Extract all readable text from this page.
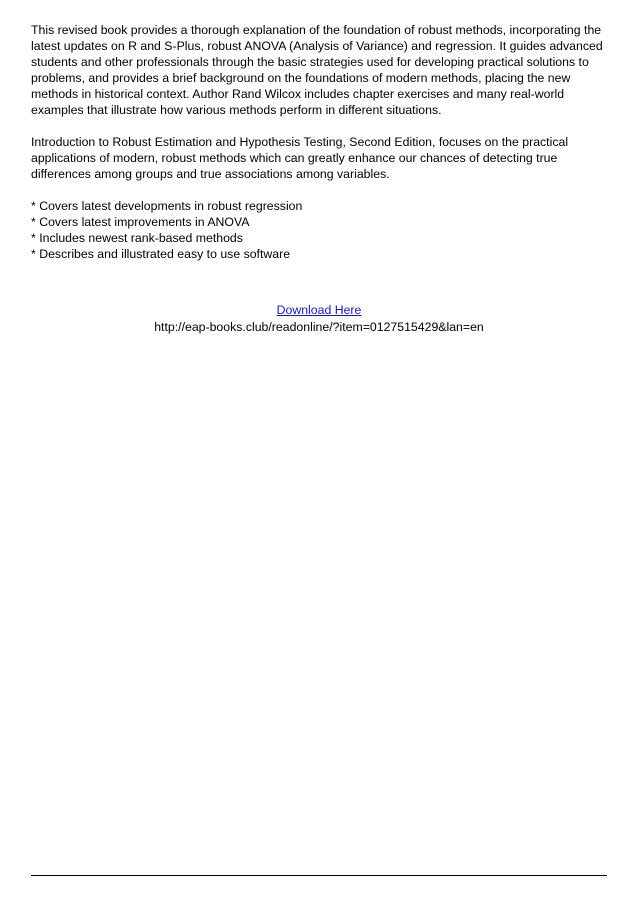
This revised book provides a thorough explanation of the foundation of robust methods, incorporating the latest updates on R and S-Plus, robust ANOVA (Analysis of Variance) and regression. It guides advanced students and other professionals through the basic strategies used for developing practical solutions to problems, and provides a brief background on the foundations of modern methods, placing the new methods in historical context. Author Rand Wilcox includes chapter exercises and many real-world examples that illustrate how various methods perform in different situations.

Introduction to Robust Estimation and Hypothesis Testing, Second Edition, focuses on the practical applications of modern, robust methods which can greatly enhance our chances of detecting true differences among groups and true associations among variables.

* Covers latest developments in robust regression
* Covers latest improvements in ANOVA
* Includes newest rank-based methods
* Describes and illustrated easy to use software
Download Here
http://eap-books.club/readonline/?item=0127515429&lan=en
